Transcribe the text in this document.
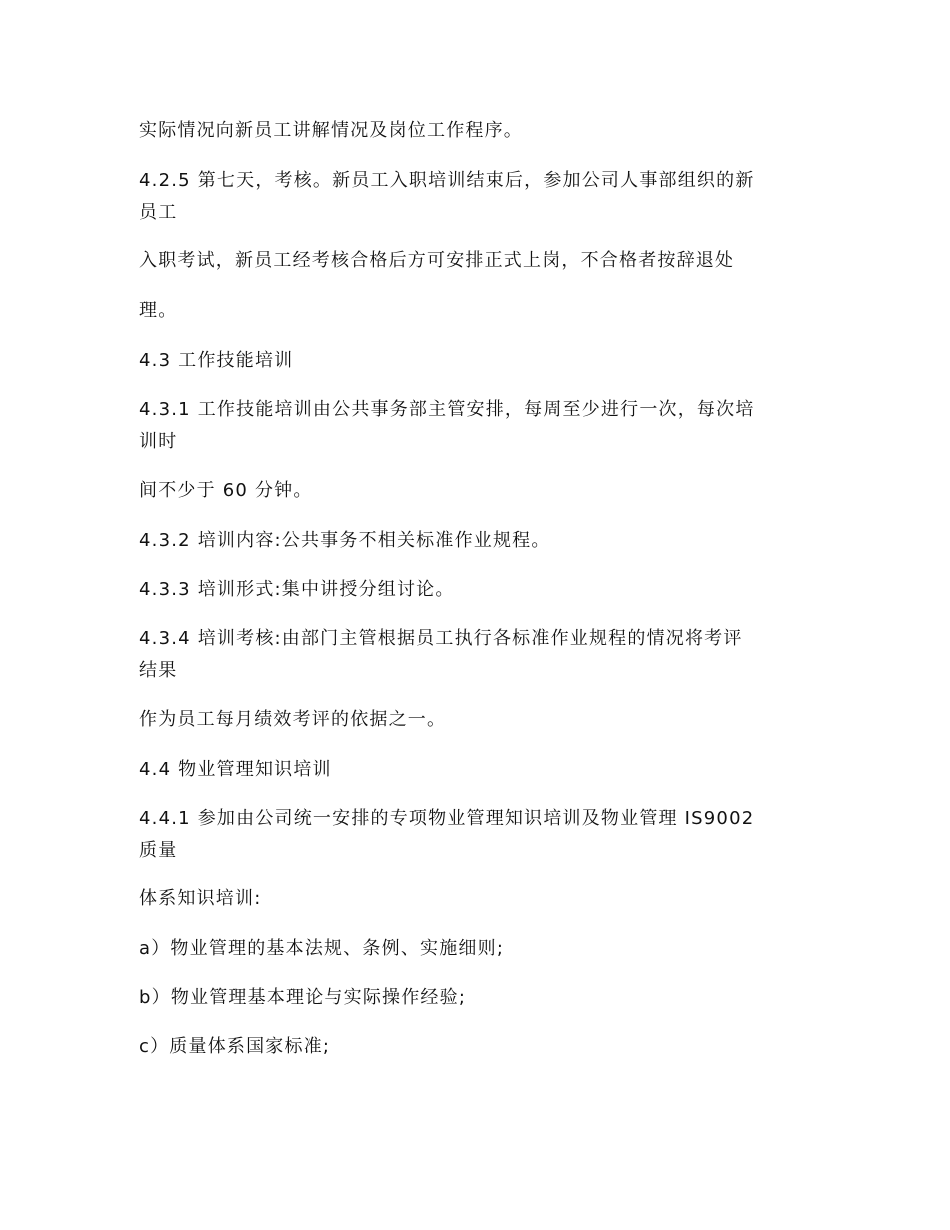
实际情况向新员工讲解情况及岗位工作程序。
4.2.5 第七天，考核。新员工入职培训结束后，参加公司人事部组织的新
员工
入职考试，新员工经考核合格后方可安排正式上岗，不合格者按辞退处
理。
4.3 工作技能培训
4.3.1 工作技能培训由公共事务部主管安排，每周至少进行一次，每次培
训时
间不少于 60 分钟。
4.3.2 培训内容:公共事务不相关标准作业规程。
4.3.3 培训形式:集中讲授分组讨论。
4.3.4 培训考核:由部门主管根据员工执行各标准作业规程的情况将考评
结果
作为员工每月绩效考评的依据之一。
4.4 物业管理知识培训
4.4.1 参加由公司统一安排的专项物业管理知识培训及物业管理 IS9002
质量
体系知识培训:
a）物业管理的基本法规、条例、实施细则;
b）物业管理基本理论与实际操作经验;
c）质量体系国家标准;
